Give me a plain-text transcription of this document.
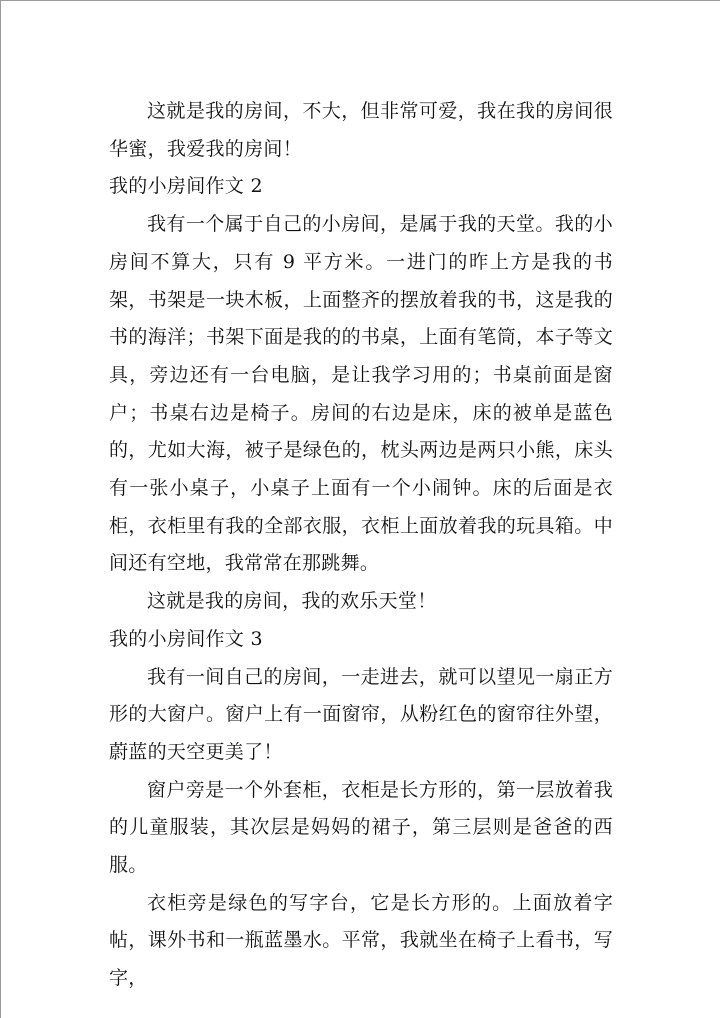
这就是我的房间，不大，但非常可爱，我在我的房间很华蜜，我爱我的房间！

我的小房间作文 2

我有一个属于自己的小房间，是属于我的天堂。我的小房间不算大，只有 9 平方米。一进门的昨上方是我的书架，书架是一块木板，上面整齐的摆放着我的书，这是我的书的海洋；书架下面是我的的书桌，上面有笔筒，本子等文具，旁边还有一台电脑，是让我学习用的；书桌前面是窗户；书桌右边是椅子。房间的右边是床，床的被单是蓝色的，尤如大海，被子是绿色的，枕头两边是两只小熊，床头有一张小桌子，小桌子上面有一个小闹钟。床的后面是衣柜，衣柜里有我的全部衣服，衣柜上面放着我的玩具箱。中间还有空地，我常常在那跳舞。

这就是我的房间，我的欢乐天堂！

我的小房间作文 3

我有一间自己的房间，一走进去，就可以望见一扇正方形的大窗户。窗户上有一面窗帘，从粉红色的窗帘往外望，蔚蓝的天空更美了！

窗户旁是一个外套柜，衣柜是长方形的，第一层放着我的儿童服装，其次层是妈妈的裙子，第三层则是爸爸的西服。

衣柜旁是绿色的写字台，它是长方形的。上面放着字帖，课外书和一瓶蓝墨水。平常，我就坐在椅子上看书，写字，
